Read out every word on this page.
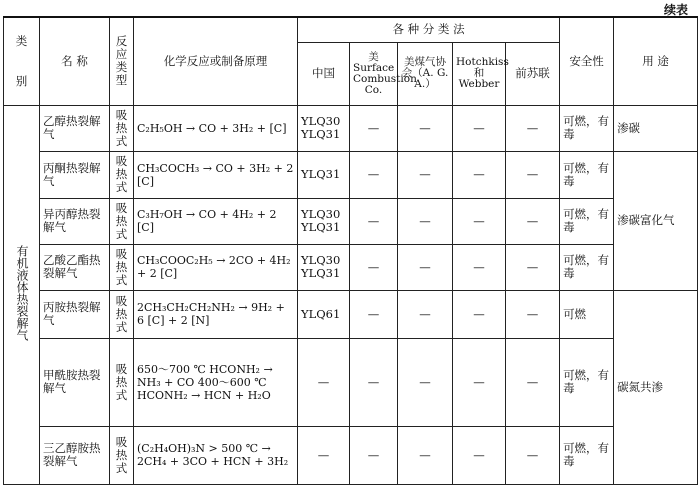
续表
类

别	名 称	反应类型	化学反应或制备原理	各 种 分 类 法					安全性	用 途
				中国	美 Surface Combustion Co.	美煤气协会（A. G. A.）	Hotchkiss 和 Webber	前苏联		
有机液体热裂解气	乙醇热裂解气	吸热式	C₂H₅OH → CO + 3H₂ + [C]	YLQ30 YLQ31	—	—	—	—	可燃，有毒	渗碳
	丙酮热裂解气	吸热式	CH₃COCH₃ → CO + 3H₂ + 2 [C]	YLQ31	—	—	—	—	可燃，有毒	渗碳富化气
	异丙醇热裂解气	吸热式	C₃H₇OH → CO + 4H₂ + 2 [C]	YLQ30 YLQ31	—	—	—	—	可燃，有毒	
	乙酸乙酯热裂解气	吸热式	CH₃COOC₂H₅ → 2CO + 4H₂ + 2 [C]	YLQ30 YLQ31	—	—	—	—	可燃，有毒	
	丙胺热裂解气	吸热式	2CH₃CH₂CH₂NH₂ → 9H₂ + 6 [C] + 2 [N]	YLQ61	—	—	—	—	可燃	碳氮共渗
	甲酰胺热裂解气	吸热式	650～700 ℃ HCONH₂ → NH₃ + CO 400～600 ℃ HCONH₂ → HCN + H₂O	—	—	—	—	—	可燃，有毒	
	三乙醇胺热裂解气	吸热式	(C₂H₄OH)₃N > 500 ℃ → 2CH₄ + 3CO + HCN + 3H₂	—	—	—	—	—	可燃，有毒	
